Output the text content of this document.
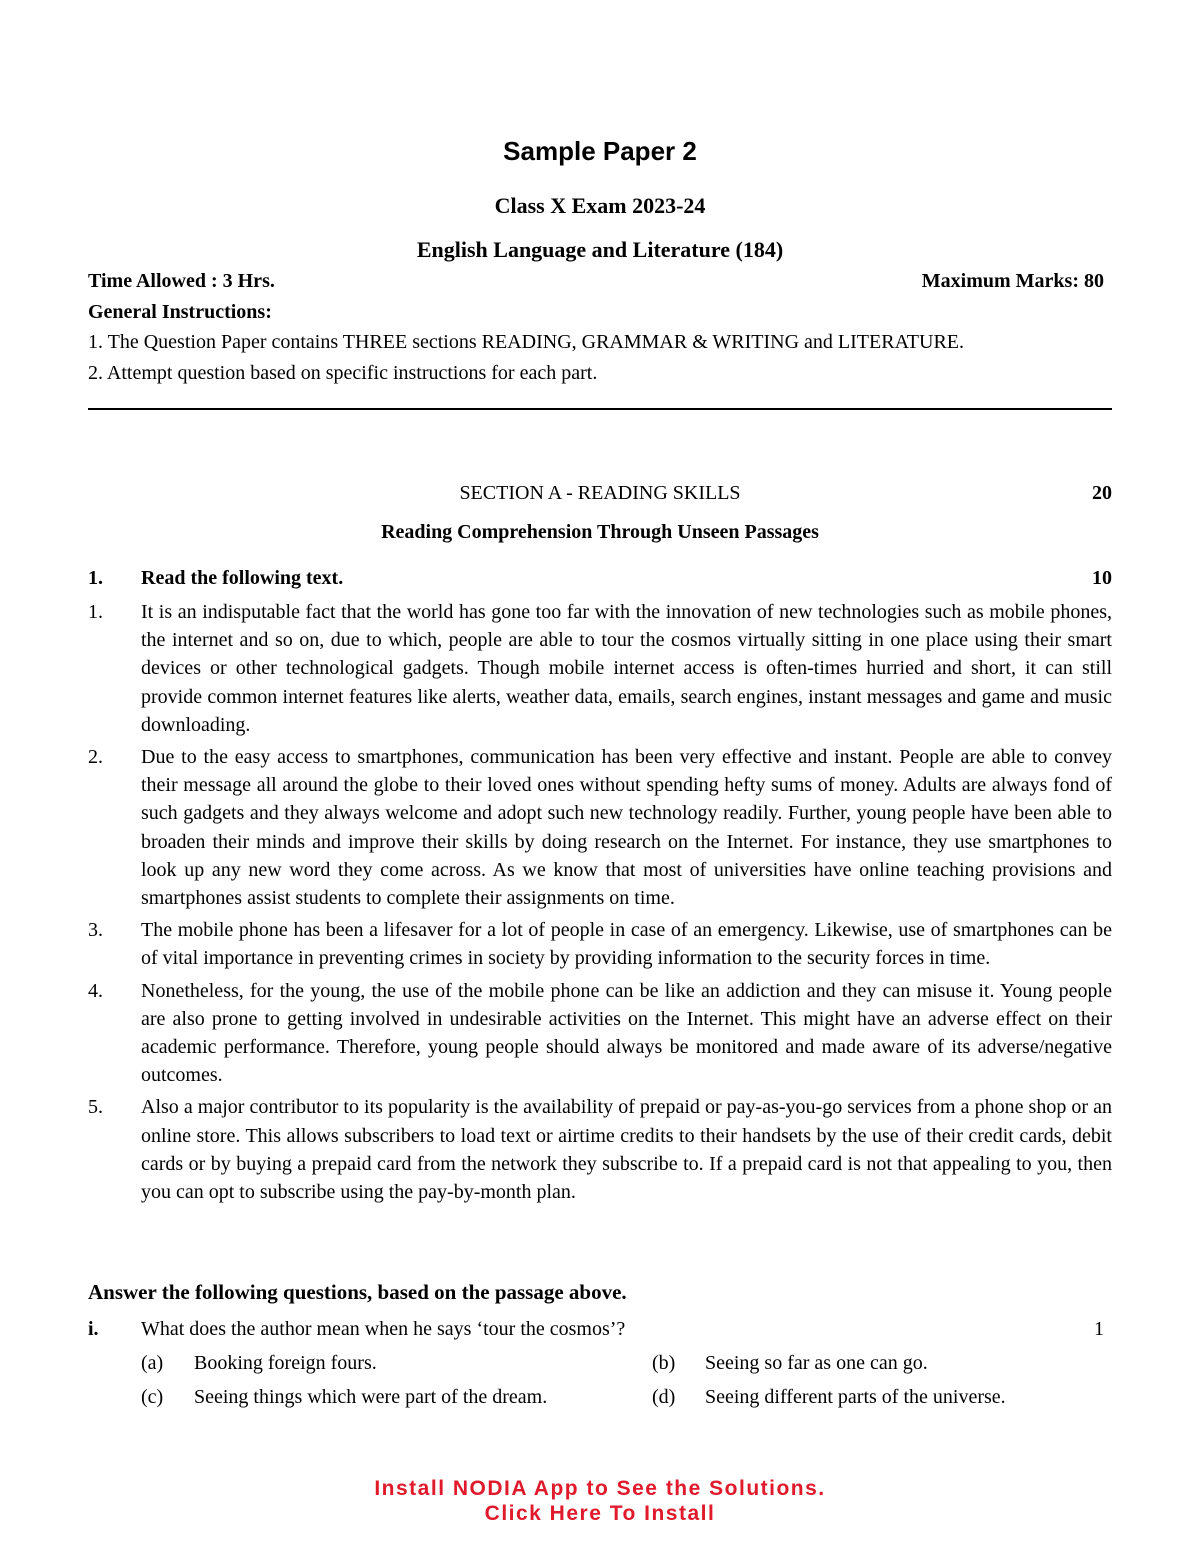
Sample Paper 2
Class X Exam 2023-24
English Language and Literature (184)
Time Allowed : 3 Hrs.	Maximum Marks: 80
General Instructions:
1. The Question Paper contains THREE sections READING, GRAMMAR & WRITING and LITERATURE.
2. Attempt question based on specific instructions for each part.
SECTION A - READING SKILLS	20
Reading Comprehension Through Unseen Passages
1. Read the following text.	10
1. It is an indisputable fact that the world has gone too far with the innovation of new technologies such as mobile phones, the internet and so on, due to which, people are able to tour the cosmos virtually sitting in one place using their smart devices or other technological gadgets. Though mobile internet access is often-times hurried and short, it can still provide common internet features like alerts, weather data, emails, search engines, instant messages and game and music downloading.
2. Due to the easy access to smartphones, communication has been very effective and instant. People are able to convey their message all around the globe to their loved ones without spending hefty sums of money. Adults are always fond of such gadgets and they always welcome and adopt such new technology readily. Further, young people have been able to broaden their minds and improve their skills by doing research on the Internet. For instance, they use smartphones to look up any new word they come across. As we know that most of universities have online teaching provisions and smartphones assist students to complete their assignments on time.
3. The mobile phone has been a lifesaver for a lot of people in case of an emergency. Likewise, use of smartphones can be of vital importance in preventing crimes in society by providing information to the security forces in time.
4. Nonetheless, for the young, the use of the mobile phone can be like an addiction and they can misuse it. Young people are also prone to getting involved in undesirable activities on the Internet. This might have an adverse effect on their academic performance. Therefore, young people should always be monitored and made aware of its adverse/negative outcomes.
5. Also a major contributor to its popularity is the availability of prepaid or pay-as-you-go services from a phone shop or an online store. This allows subscribers to load text or airtime credits to their handsets by the use of their credit cards, debit cards or by buying a prepaid card from the network they subscribe to. If a prepaid card is not that appealing to you, then you can opt to subscribe using the pay-by-month plan.
Answer the following questions, based on the passage above.
i. What does the author mean when he says ‘tour the cosmos’?	1
(a) Booking foreign fours.	(b) Seeing so far as one can go.
(c) Seeing things which were part of the dream.	(d) Seeing different parts of the universe.
Install NODIA App to See the Solutions.
Click Here To Install
